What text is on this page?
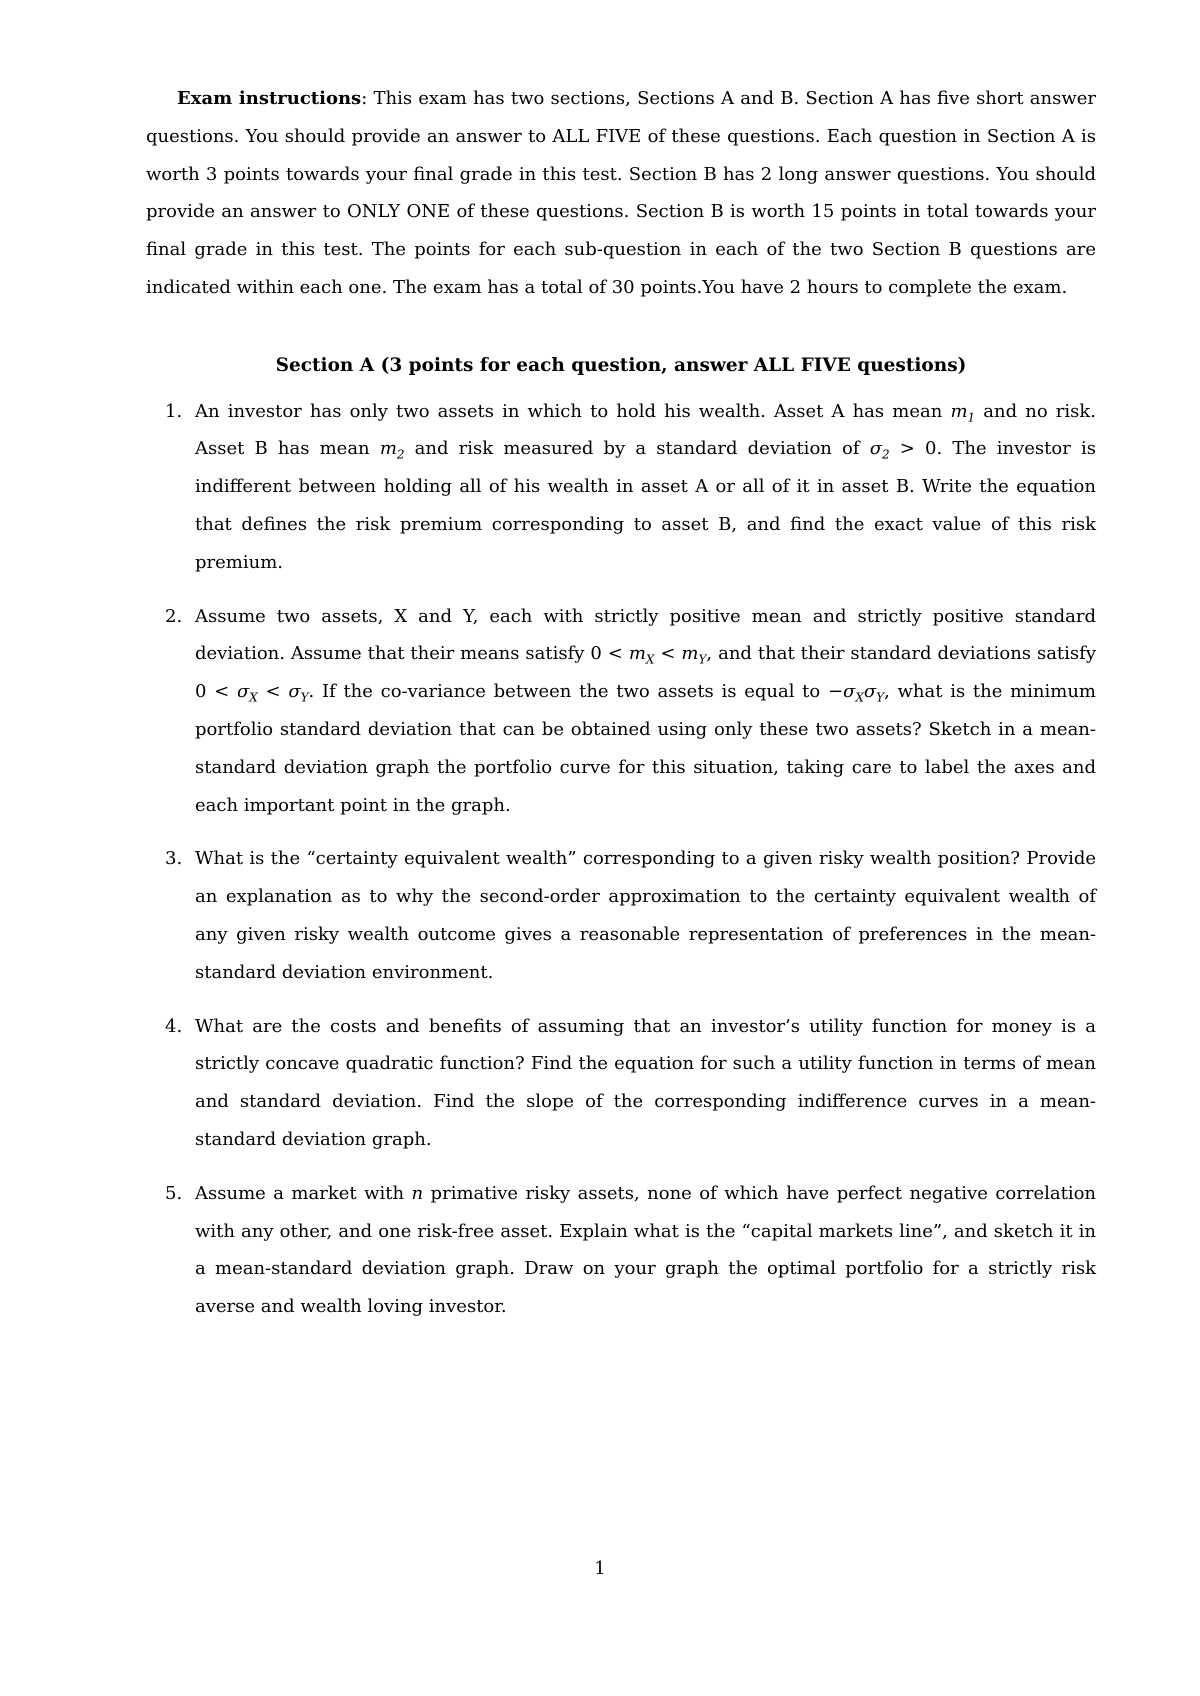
Exam instructions: This exam has two sections, Sections A and B. Section A has five short answer questions. You should provide an answer to ALL FIVE of these questions. Each question in Section A is worth 3 points towards your final grade in this test. Section B has 2 long answer questions. You should provide an answer to ONLY ONE of these questions. Section B is worth 15 points in total towards your final grade in this test. The points for each sub-question in each of the two Section B questions are indicated within each one. The exam has a total of 30 points.You have 2 hours to complete the exam.

Section A (3 points for each question, answer ALL FIVE questions)
1. An investor has only two assets in which to hold his wealth. Asset A has mean $m_1$ and no risk. Asset B has mean $m_2$ and risk measured by a standard deviation of $\sigma_2 > 0$. The investor is indifferent between holding all of his wealth in asset A or all of it in asset B. Write the equation that defines the risk premium corresponding to asset B, and find the exact value of this risk premium.
2. Assume two assets, X and Y, each with strictly positive mean and strictly positive standard deviation. Assume that their means satisfy $0 < m_X < m_Y$, and that their standard deviations satisfy $0 < \sigma_X < \sigma_Y$. If the co-variance between the two assets is equal to $-\sigma_X\sigma_Y$, what is the minimum portfolio standard deviation that can be obtained using only these two assets? Sketch in a mean-standard deviation graph the portfolio curve for this situation, taking care to label the axes and each important point in the graph.
3. What is the “certainty equivalent wealth” corresponding to a given risky wealth position? Provide an explanation as to why the second-order approximation to the certainty equivalent wealth of any given risky wealth outcome gives a reasonable representation of preferences in the mean-standard deviation environment.
4. What are the costs and benefits of assuming that an investor’s utility function for money is a strictly concave quadratic function? Find the equation for such a utility function in terms of mean and standard deviation. Find the slope of the corresponding indifference curves in a mean-standard deviation graph.
5. Assume a market with n primative risky assets, none of which have perfect negative correlation with any other, and one risk-free asset. Explain what is the “capital markets line”, and sketch it in a mean-standard deviation graph. Draw on your graph the optimal portfolio for a strictly risk averse and wealth loving investor.
1
